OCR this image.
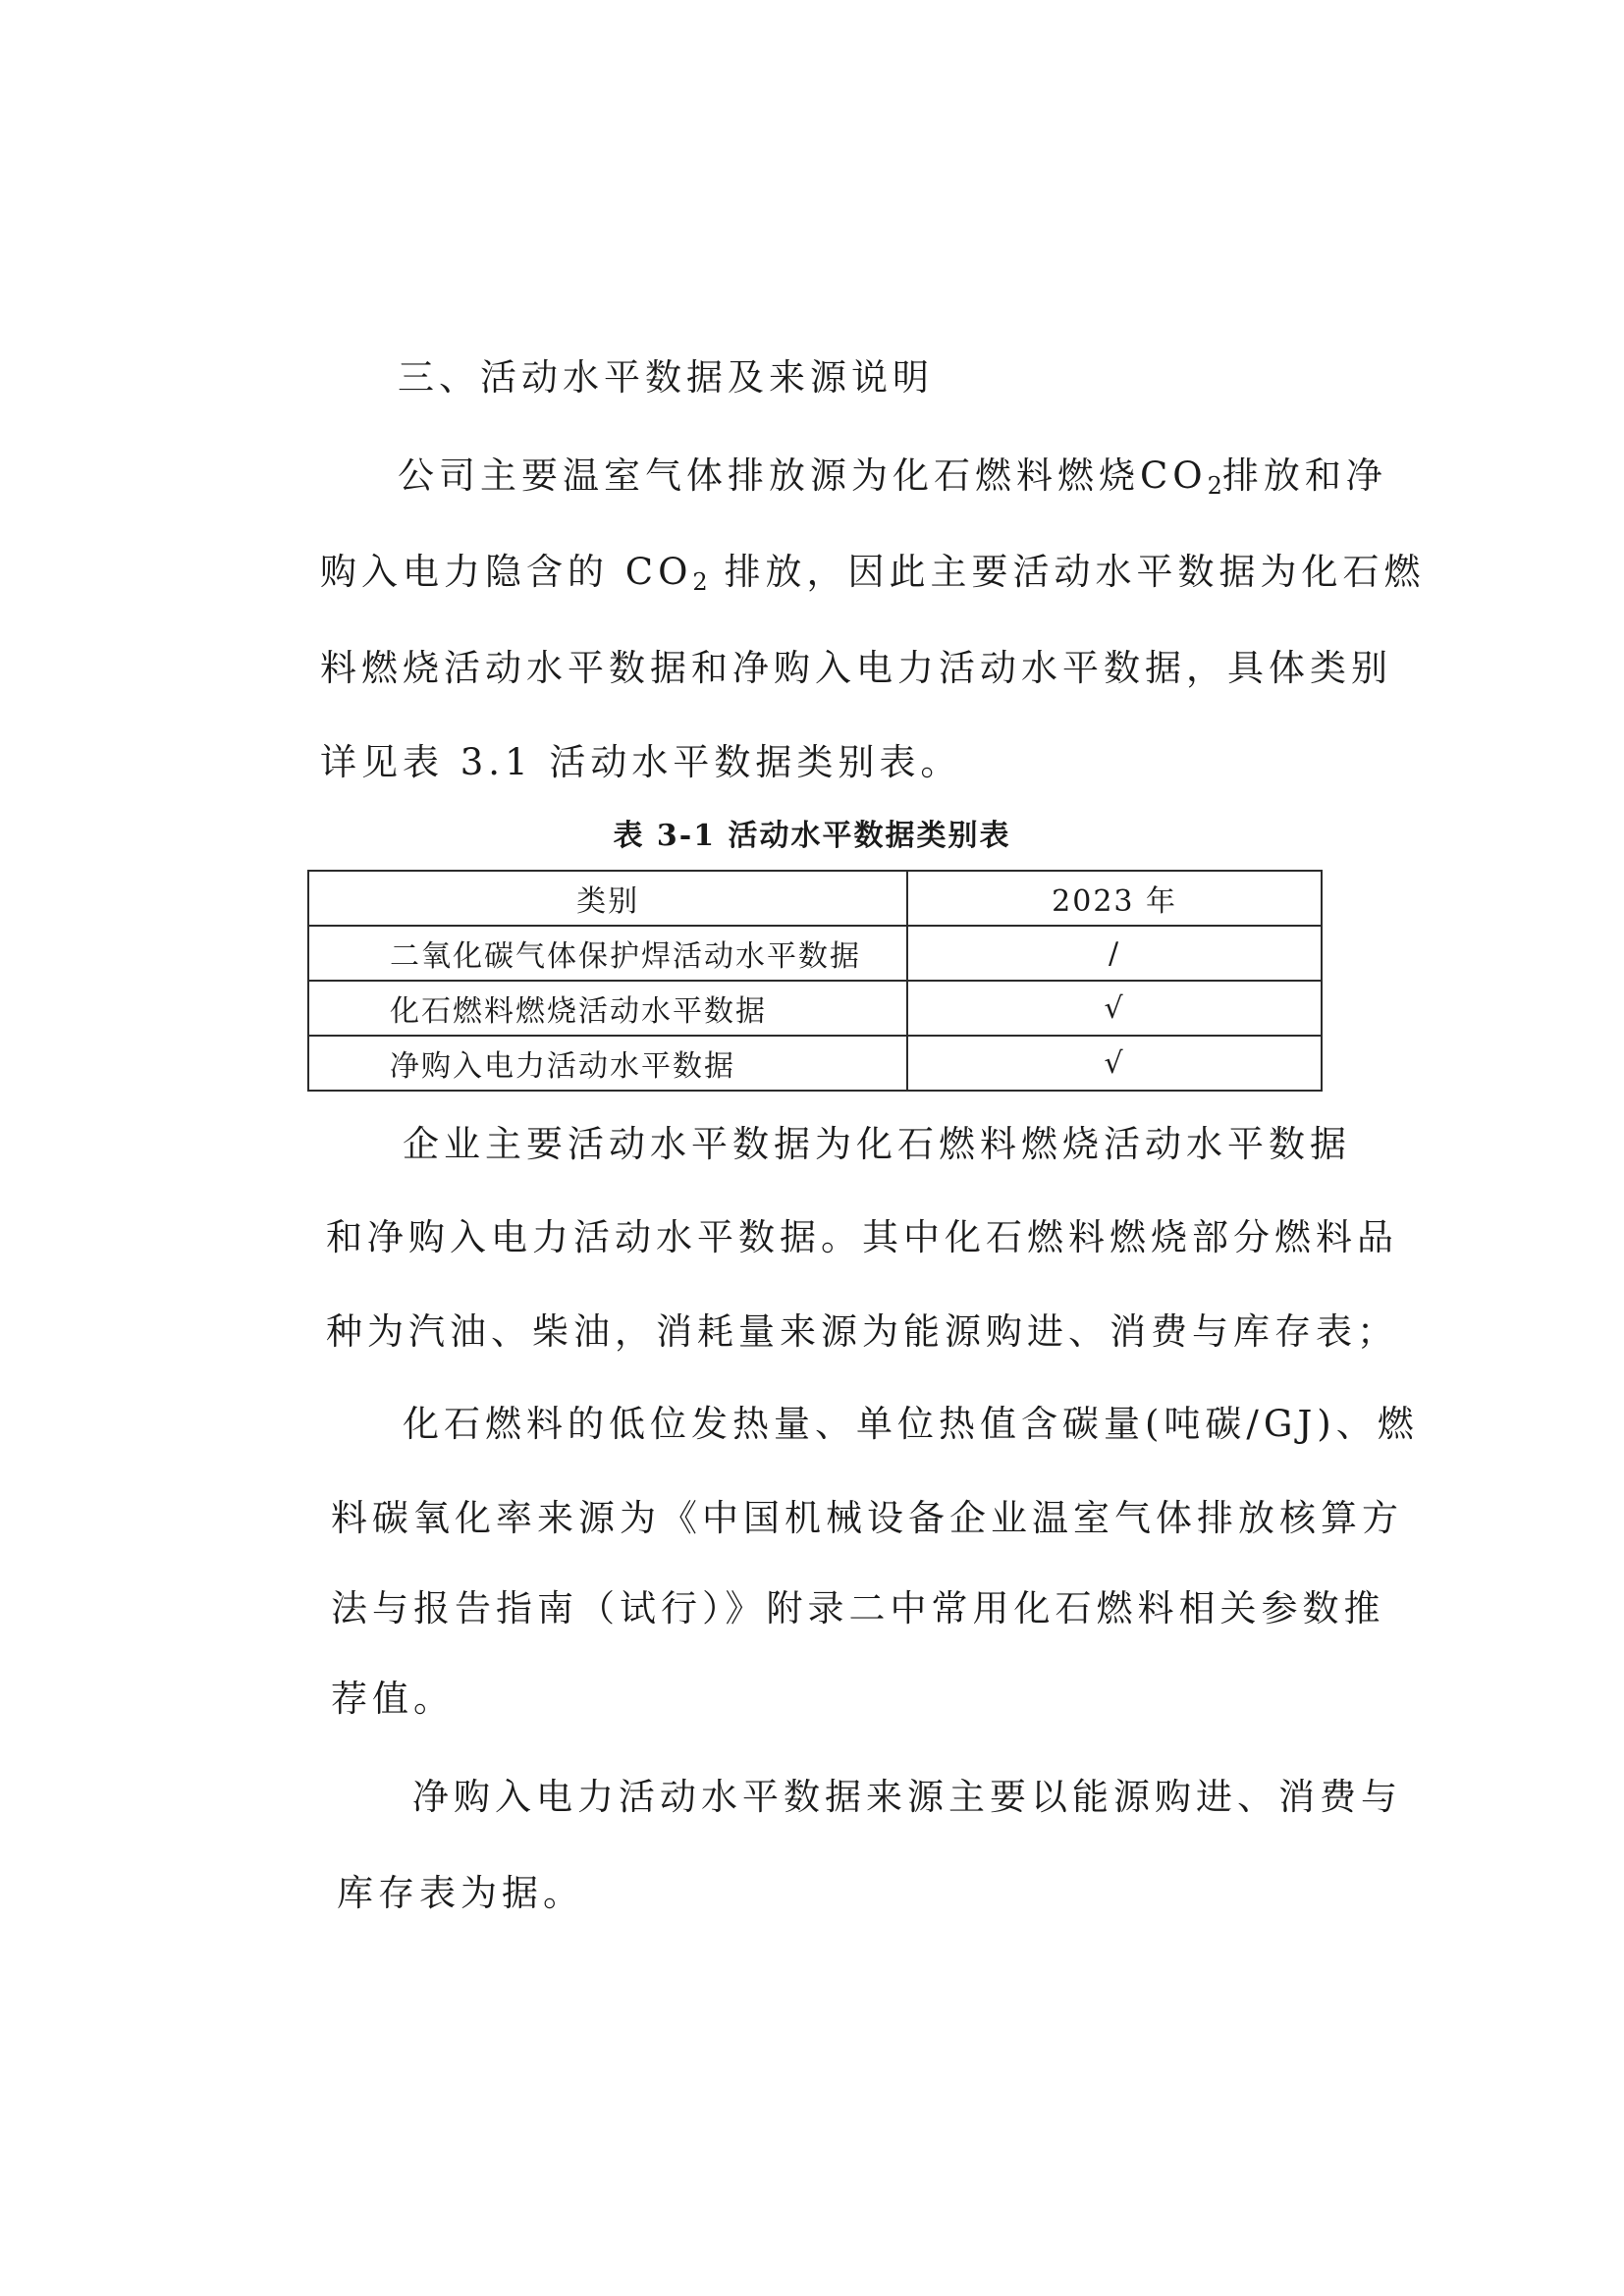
三、活动水平数据及来源说明
公司主要温室气体排放源为化石燃料燃烧$CO_2$排放和净
购入电力隐含的 $CO_2$ 排放，因此主要活动水平数据为化石燃
料燃烧活动水平数据和净购入电力活动水平数据，具体类别
详见表 3.1 活动水平数据类别表。
表 3-1 活动水平数据类别表
类别	2023 年
二氧化碳气体保护焊活动水平数据	/
化石燃料燃烧活动水平数据	√
净购入电力活动水平数据	√
企业主要活动水平数据为化石燃料燃烧活动水平数据
和净购入电力活动水平数据。其中化石燃料燃烧部分燃料品
种为汽油、柴油，消耗量来源为能源购进、消费与库存表；
化石燃料的低位发热量、单位热值含碳量(吨碳/GJ)、燃
料碳氧化率来源为《中国机械设备企业温室气体排放核算方
法与报告指南（试行）》附录二中常用化石燃料相关参数推
荐值。
净购入电力活动水平数据来源主要以能源购进、消费与
库存表为据。
